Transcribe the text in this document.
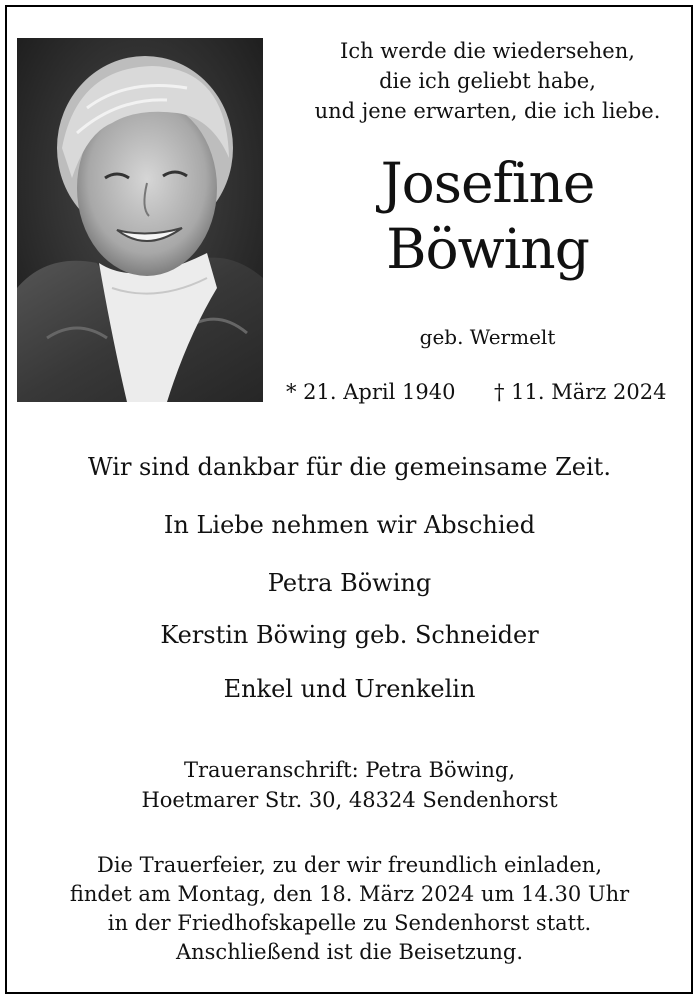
Ich werde die wiedersehen,
die ich geliebt habe,
und jene erwarten, die ich liebe.
Josefine
Böwing
geb. Wermelt
* 21. April 1940 † 11. März 2024
Wir sind dankbar für die gemeinsame Zeit.
In Liebe nehmen wir Abschied
Petra Böwing
Kerstin Böwing geb. Schneider
Enkel und Urenkelin
Traueranschrift: Petra Böwing,
Hoetmarer Str. 30, 48324 Sendenhorst
Die Trauerfeier, zu der wir freundlich einladen,
findet am Montag, den 18. März 2024 um 14.30 Uhr
in der Friedhofskapelle zu Sendenhorst statt.
Anschließend ist die Beisetzung.
